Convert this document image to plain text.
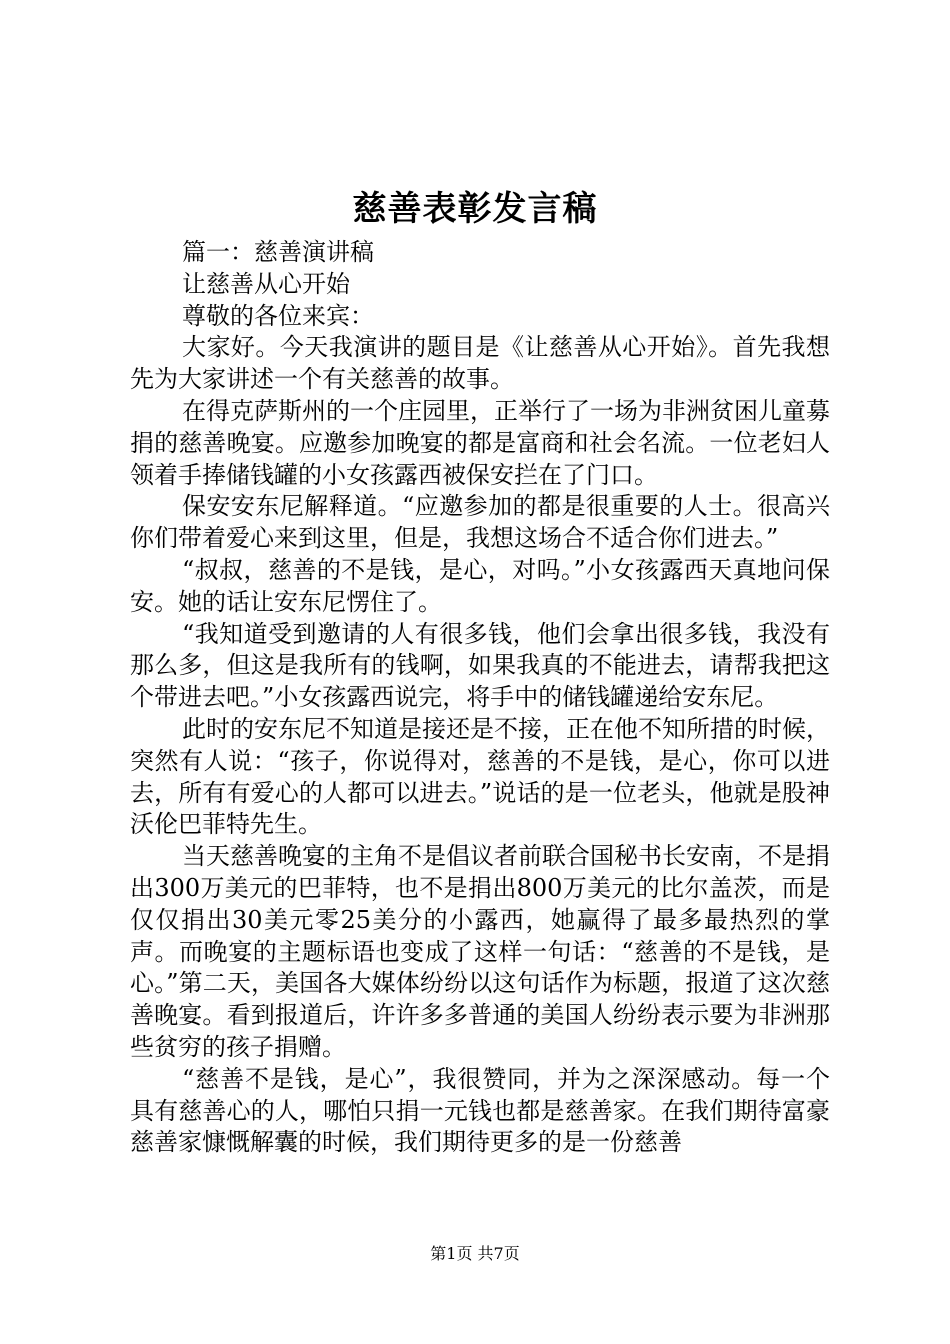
慈善表彰发言稿

篇一：慈善演讲稿

让慈善从心开始

尊敬的各位来宾：

大家好。今天我演讲的题目是《让慈善从心开始》。首先我想先为大家讲述一个有关慈善的故事。

在得克萨斯州的一个庄园里，正举行了一场为非洲贫困儿童募捐的慈善晚宴。应邀参加晚宴的都是富商和社会名流。一位老妇人领着手捧储钱罐的小女孩露西被保安拦在了门口。

保安安东尼解释道。“应邀参加的都是很重要的人士。很高兴你们带着爱心来到这里，但是，我想这场合不适合你们进去。”

“叔叔，慈善的不是钱，是心，对吗。”小女孩露西天真地问保安。她的话让安东尼愣住了。

“我知道受到邀请的人有很多钱，他们会拿出很多钱，我没有那么多，但这是我所有的钱啊，如果我真的不能进去，请帮我把这个带进去吧。”小女孩露西说完，将手中的储钱罐递给安东尼。

此时的安东尼不知道是接还是不接，正在他不知所措的时候，突然有人说：“孩子，你说得对，慈善的不是钱，是心，你可以进去，所有有爱心的人都可以进去。”说话的是一位老头，他就是股神沃伦巴菲特先生。

当天慈善晚宴的主角不是倡议者前联合国秘书长安南，不是捐出300万美元的巴菲特，也不是捐出800万美元的比尔盖茨，而是仅仅捐出30美元零25美分的小露西，她赢得了最多最热烈的掌声。而晚宴的主题标语也变成了这样一句话：“慈善的不是钱，是心。”第二天，美国各大媒体纷纷以这句话作为标题，报道了这次慈善晚宴。看到报道后，许许多多普通的美国人纷纷表示要为非洲那些贫穷的孩子捐赠。

“慈善不是钱，是心”，我很赞同，并为之深深感动。每一个具有慈善心的人，哪怕只捐一元钱也都是慈善家。在我们期待富豪慈善家慷慨解囊的时候，我们期待更多的是一份慈善

第1页 共7页
